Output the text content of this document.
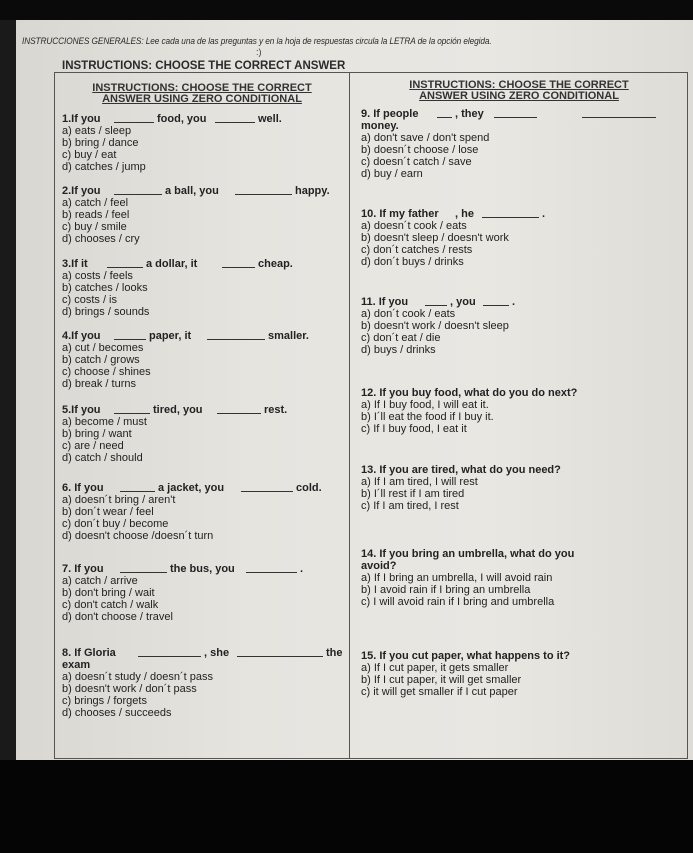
INSTRUCCIONES GENERALES: Lee cada una de las preguntas y en la hoja de respuestas circula la LETRA de la opción elegida.
:)
INSTRUCTIONS: CHOOSE THE CORRECT ANSWER
INSTRUCTIONS: CHOOSE THE CORRECT
ANSWER USING ZERO CONDITIONAL
INSTRUCTIONS: CHOOSE THE CORRECT
ANSWER USING ZERO CONDITIONAL
1.If you	food, you	well.
a) eats / sleep
b) bring / dance
c) buy / eat
d) catches / jump
2.If you	a ball, you	happy.
a) catch / feel
b) reads / feel
c) buy / smile
d) chooses / cry
3.If it	a dollar, it	cheap.
a) costs / feels
b) catches / looks
c) costs / is
d) brings / sounds
4.If you	paper, it	smaller.
a) cut / becomes
b) catch / grows
c) choose / shines
d) break / turns
5.If you	tired, you	rest.
a) become / must
b) bring / want
c) are / need
d) catch / should
6. If you	a jacket, you	cold.
a) doesn´t bring / aren't
b) don´t wear / feel
c) don´t buy / become
d) doesn't choose /doesn´t turn
7. If you	the bus, you	.
a) catch / arrive
b) don't bring / wait
c) don't catch / walk
d) don't choose / travel
8. If Gloria	, she	the
exam
a) doesn´t study / doesn´t pass
b) doesn't work / don´t pass
c) brings / forgets
d) chooses / succeeds
9. If people	, they
money.
a) don't save / don't spend
b) doesn´t choose / lose
c) doesn´t catch / save
d) buy / earn
10. If my father , he	.
a) doesn´t cook / eats
b) doesn't sleep / doesn't work
c) don´t catches / rests
d) don´t buys / drinks
11. If you	, you	.
a) don´t cook / eats
b) doesn't work / doesn't sleep
c) don´t eat / die
d) buys / drinks
12. If you buy food, what do you do next?
a) If I buy food, I will eat it.
b) I´ll eat the food if I buy it.
c) If I buy food, I eat it
13. If you are tired, what do you need?
a) If I am tired, I will rest
b) I´ll rest if I am tired
c) If I am tired, I rest
14. If you bring an umbrella, what do you
avoid?
a) If I bring an umbrella, I will avoid rain
b) I avoid rain if I bring an umbrella
c) I will avoid rain if I bring and umbrella
15. If you cut paper, what happens to it?
a) If I cut paper, it gets smaller
b) If I cut paper, it will get smaller
c) it will get smaller if I cut paper
